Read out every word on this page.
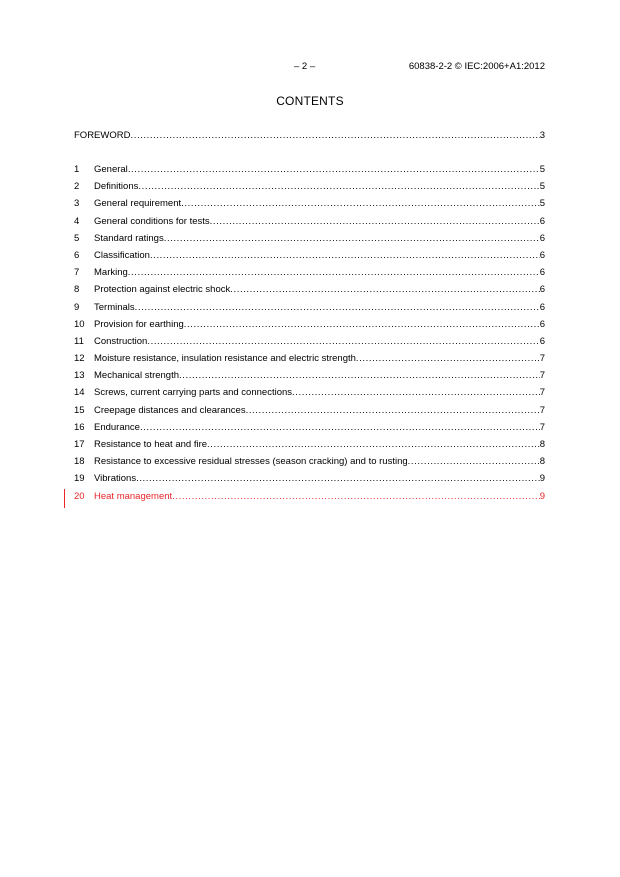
– 2 –	60838-2-2 © IEC:2006+A1:2012
CONTENTS
FOREWORD .....	3
1	General .....	5
2	Definitions .....	5
3	General requirement .....	5
4	General conditions for tests .....	6
5	Standard ratings .....	6
6	Classification .....	6
7	Marking .....	6
8	Protection against electric shock .....	6
9	Terminals .....	6
10 Provision for earthing .....	6
11	Construction .....	6
12 Moisture resistance, insulation resistance and electric strength .....	7
13 Mechanical strength .....	7
14 Screws, current carrying parts and connections .....	7
15 Creepage distances and clearances .....	7
16 Endurance .....	7
17 Resistance to heat and fire .....	8
18 Resistance to excessive residual stresses (season cracking) and to rusting .....	8
19 Vibrations .....	9
20 Heat management .....	9
